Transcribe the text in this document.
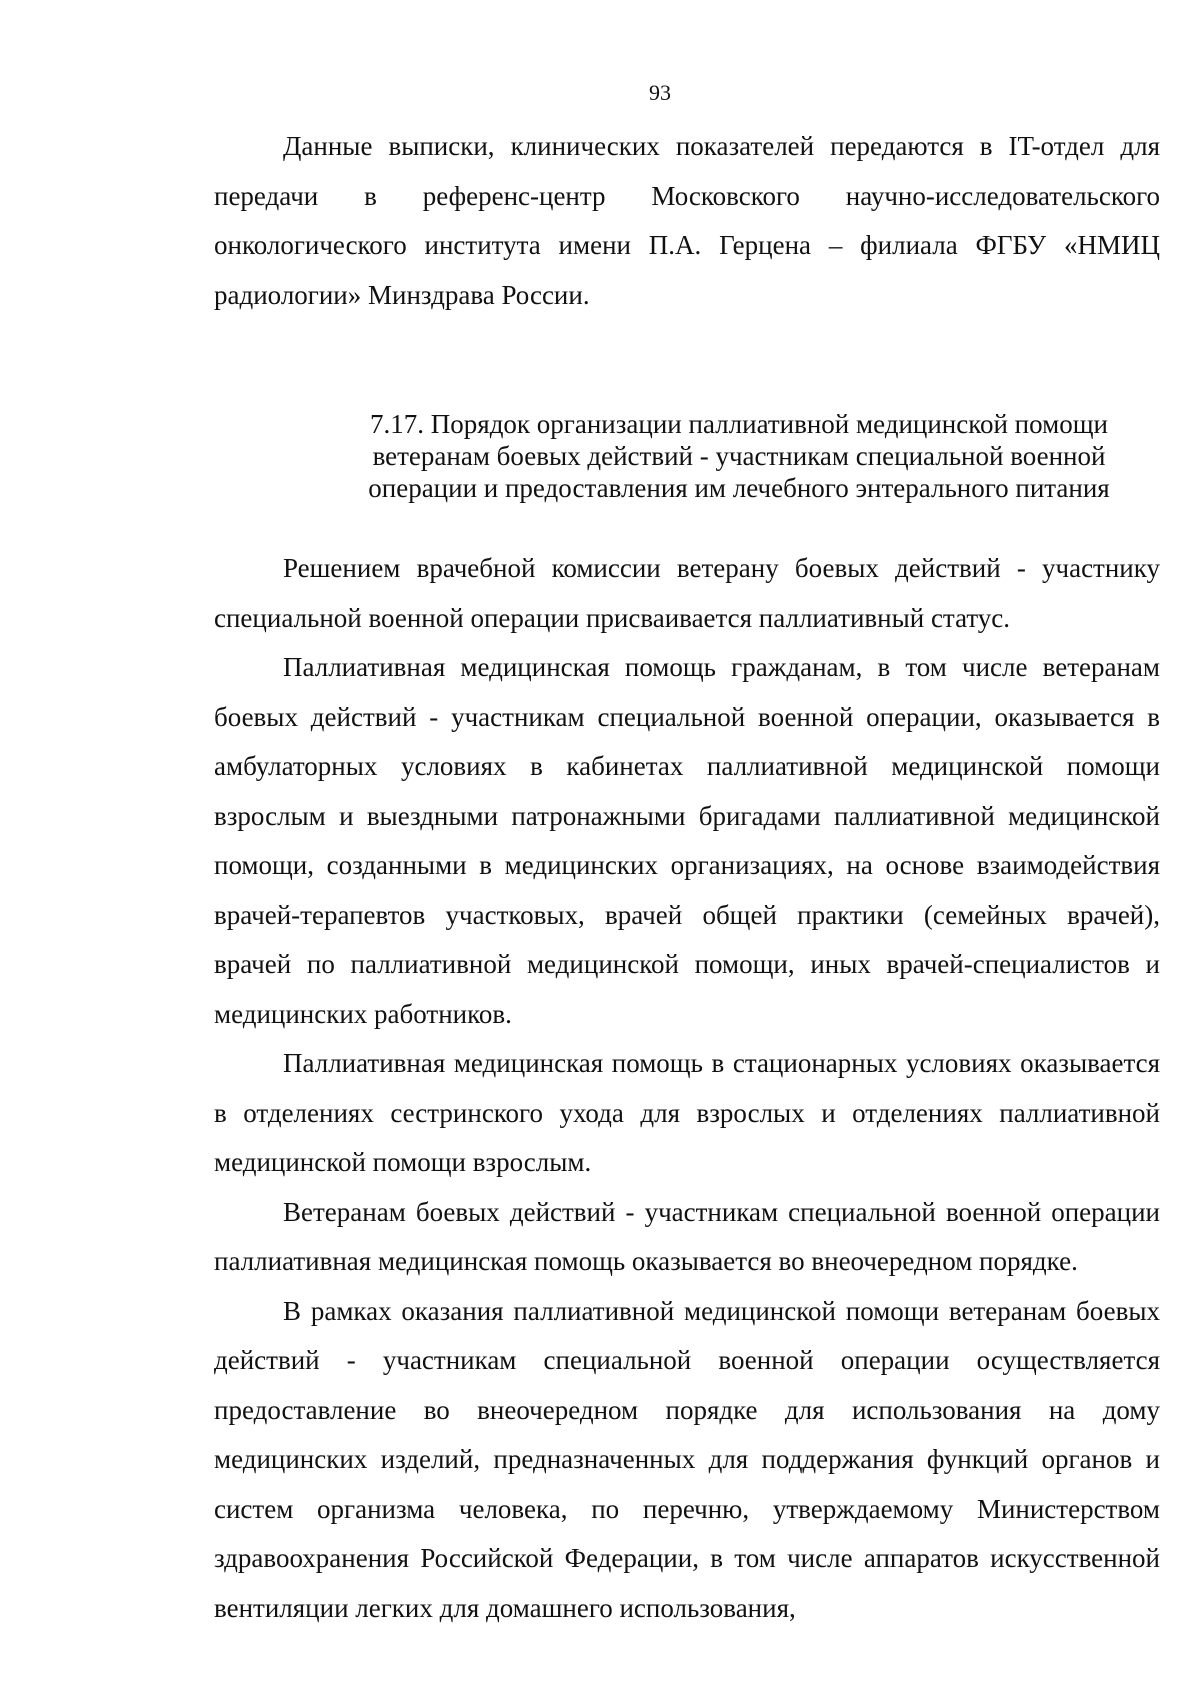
93

Данные выписки, клинических показателей передаются в IT-отдел для передачи в референс-центр Московского научно-исследовательского онкологического института имени П.А. Герцена – филиала ФГБУ «НМИЦ радиологии» Минздрава России.

7.17. Порядок организации паллиативной медицинской помощи ветеранам боевых действий - участникам специальной военной операции и предоставления им лечебного энтерального питания

Решением врачебной комиссии ветерану боевых действий - участнику специальной военной операции присваивается паллиативный статус.

Паллиативная медицинская помощь гражданам, в том числе ветеранам боевых действий - участникам специальной военной операции, оказывается в амбулаторных условиях в кабинетах паллиативной медицинской помощи взрослым и выездными патронажными бригадами паллиативной медицинской помощи, созданными в медицинских организациях, на основе взаимодействия врачей-терапевтов участковых, врачей общей практики (семейных врачей), врачей по паллиативной медицинской помощи, иных врачей-специалистов и медицинских работников.

Паллиативная медицинская помощь в стационарных условиях оказывается в отделениях сестринского ухода для взрослых и отделениях паллиативной медицинской помощи взрослым.

Ветеранам боевых действий - участникам специальной военной операции паллиативная медицинская помощь оказывается во внеочередном порядке.

В рамках оказания паллиативной медицинской помощи ветеранам боевых действий - участникам специальной военной операции осуществляется предоставление во внеочередном порядке для использования на дому медицинских изделий, предназначенных для поддержания функций органов и систем организма человека, по перечню, утверждаемому Министерством здравоохранения Российской Федерации, в том числе аппаратов искусственной вентиляции легких для домашнего использования,
